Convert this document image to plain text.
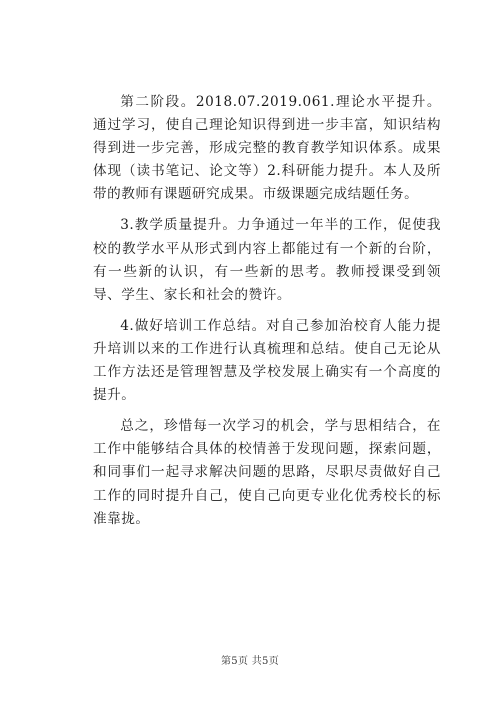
第二阶段。2018.07.2019.061.理论水平提升。通过学习，使自己理论知识得到进一步丰富，知识结构得到进一步完善，形成完整的教育教学知识体系。成果体现（读书笔记、论文等）2.科研能力提升。本人及所带的教师有课题研究成果。市级课题完成结题任务。

3.教学质量提升。力争通过一年半的工作，促使我校的教学水平从形式到内容上都能过有一个新的台阶，有一些新的认识，有一些新的思考。教师授课受到领导、学生、家长和社会的赞许。

4.做好培训工作总结。对自己参加治校育人能力提升培训以来的工作进行认真梳理和总结。使自己无论从工作方法还是管理智慧及学校发展上确实有一个高度的提升。

总之，珍惜每一次学习的机会，学与思相结合，在工作中能够结合具体的校情善于发现问题，探索问题，和同事们一起寻求解决问题的思路，尽职尽责做好自己工作的同时提升自己，使自己向更专业化优秀校长的标准靠拢。

第5页 共5页
